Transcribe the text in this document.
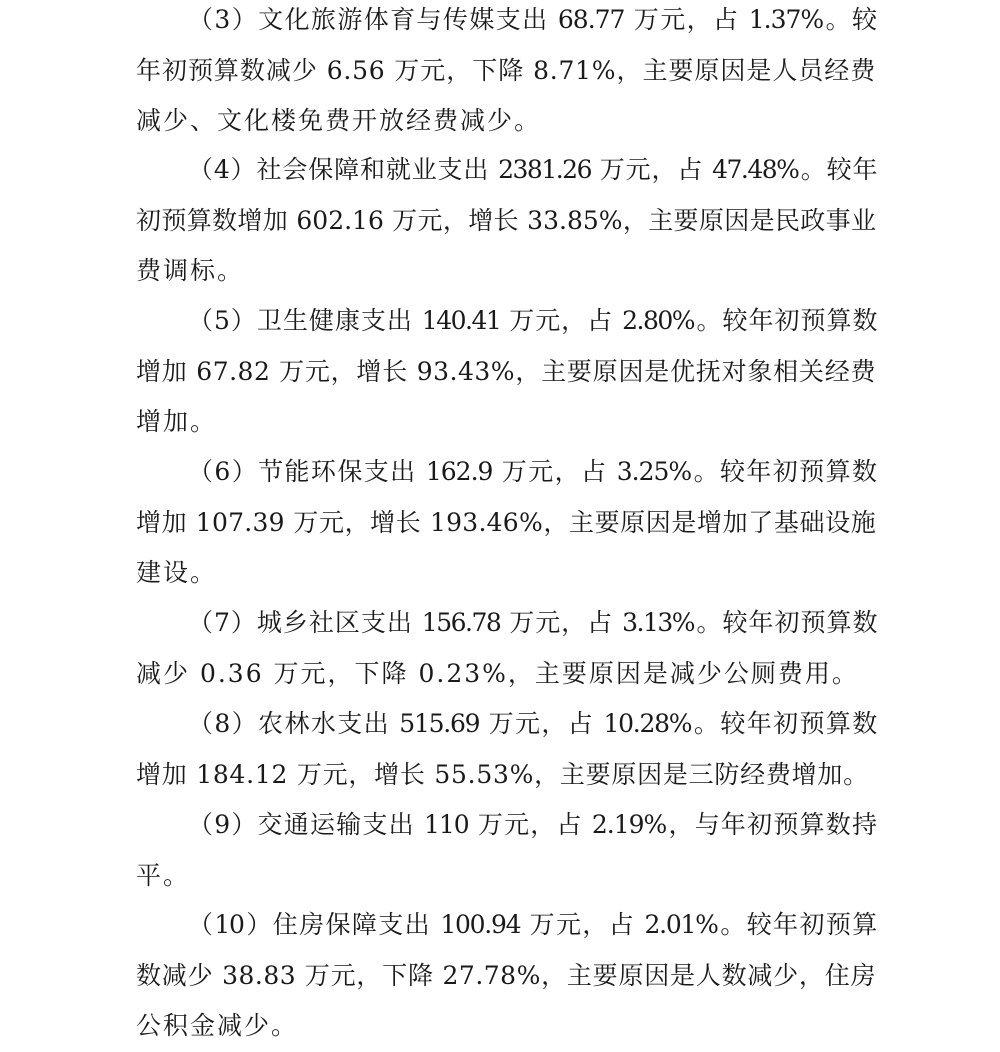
（3）文化旅游体育与传媒支出 68.77 万元，占 1.37%。较
年初预算数减少 6.56 万元，下降 8.71%，主要原因是人员经费
减少、文化楼免费开放经费减少。
（4）社会保障和就业支出 2381.26 万元，占 47.48%。较年
初预算数增加 602.16 万元，增长 33.85%，主要原因是民政事业
费调标。
（5）卫生健康支出 140.41 万元，占 2.80%。较年初预算数
增加 67.82 万元，增长 93.43%，主要原因是优抚对象相关经费
增加。
（6）节能环保支出 162.9 万元，占 3.25%。较年初预算数
增加 107.39 万元，增长 193.46%，主要原因是增加了基础设施
建设。
（7）城乡社区支出 156.78 万元，占 3.13%。较年初预算数
减少 0.36 万元，下降 0.23%，主要原因是减少公厕费用。
（8）农林水支出 515.69 万元，占 10.28%。较年初预算数
增加 184.12 万元，增长 55.53%，主要原因是三防经费增加。
（9）交通运输支出 110 万元，占 2.19%，与年初预算数持
平。
（10）住房保障支出 100.94 万元，占 2.01%。较年初预算
数减少 38.83 万元，下降 27.78%，主要原因是人数减少，住房
公积金减少。
